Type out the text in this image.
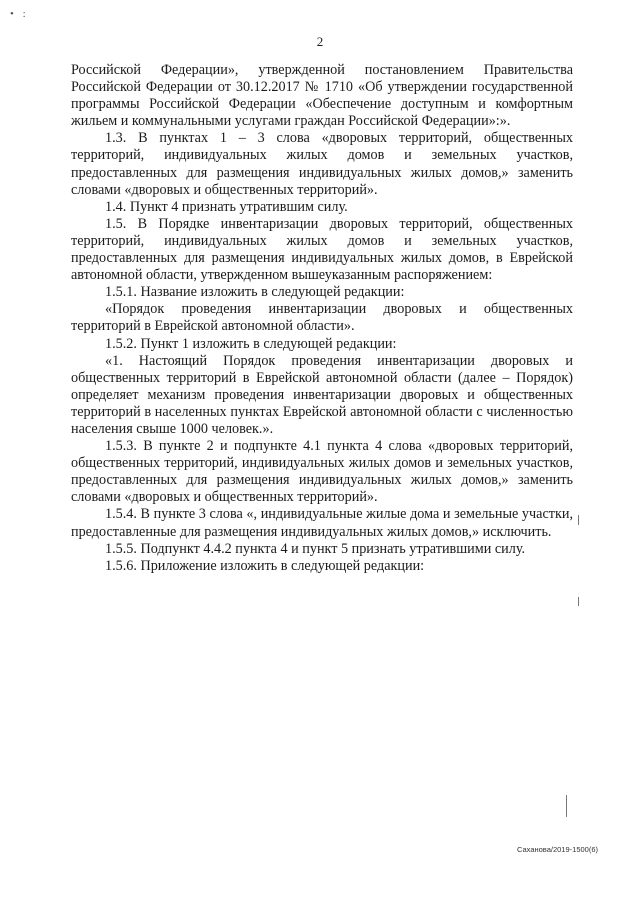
• :
2

Российской Федерации», утвержденной постановлением Правительства Российской Федерации от 30.12.2017 № 1710 «Об утверждении государственной программы Российской Федерации «Обеспечение доступным и комфортным жильем и коммунальными услугами граждан Российской Федерации»:».

1.3. В пунктах 1 – 3 слова «дворовых территорий, общественных территорий, индивидуальных жилых домов и земельных участков, предоставленных для размещения индивидуальных жилых домов,» заменить словами «дворовых и общественных территорий».

1.4. Пункт 4 признать утратившим силу.

1.5. В Порядке инвентаризации дворовых территорий, общественных территорий, индивидуальных жилых домов и земельных участков, предоставленных для размещения индивидуальных жилых домов, в Еврейской автономной области, утвержденном вышеуказанным распоряжением:

1.5.1. Название изложить в следующей редакции:

«Порядок проведения инвентаризации дворовых и общественных территорий в Еврейской автономной области».

1.5.2. Пункт 1 изложить в следующей редакции:

«1. Настоящий Порядок проведения инвентаризации дворовых и общественных территорий в Еврейской автономной области (далее – Порядок) определяет механизм проведения инвентаризации дворовых и общественных территорий в населенных пунктах Еврейской автономной области с численностью населения свыше 1000 человек.».

1.5.3. В пункте 2 и подпункте 4.1 пункта 4 слова «дворовых территорий, общественных территорий, индивидуальных жилых домов и земельных участков, предоставленных для размещения индивидуальных жилых домов,» заменить словами «дворовых и общественных территорий».

1.5.4. В пункте 3 слова «, индивидуальные жилые дома и земельные участки, предоставленные для размещения индивидуальных жилых домов,» исключить.

1.5.5. Подпункт 4.4.2 пункта 4 и пункт 5 признать утратившими силу.

1.5.6. Приложение изложить в следующей редакции:

Саханова/2019-1500(6)
